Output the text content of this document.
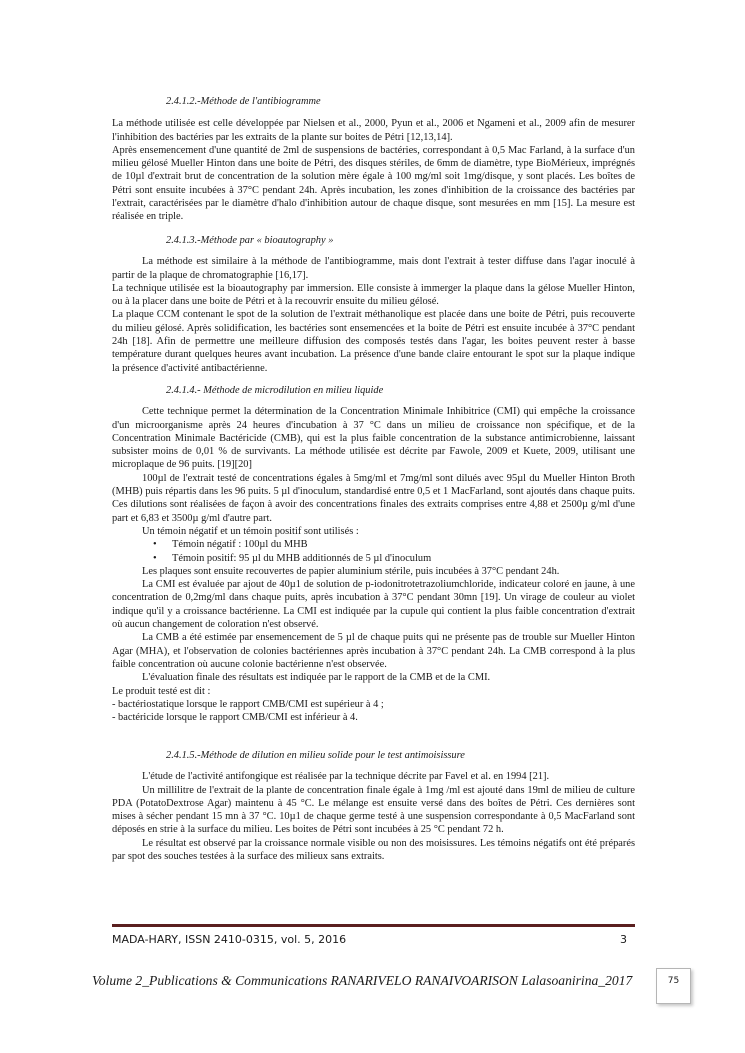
2.4.1.2.-Méthode de l'antibiogramme

La méthode utilisée est celle développée par Nielsen et al., 2000, Pyun et al., 2006 et Ngameni et al., 2009 afin de mesurer l'inhibition des bactéries par les extraits de la plante sur boites de Pétri [12,13,14].

Après ensemencement d'une quantité de 2ml de suspensions de bactéries, correspondant à 0,5 Mac Farland, à la surface d'un milieu gélosé Mueller Hinton dans une boite de Pétri, des disques stériles, de 6mm de diamètre, type BioMérieux, imprégnés de 10µl d'extrait brut de concentration de la solution mère égale à 100 mg/ml soit 1mg/disque, y sont placés. Les boîtes de Pétri sont ensuite incubées à 37°C pendant 24h. Après incubation, les zones d'inhibition de la croissance des bactéries par l'extrait, caractérisées par le diamètre d'halo d'inhibition autour de chaque disque, sont mesurées en mm [15]. La mesure est réalisée en triple.

2.4.1.3.-Méthode par « bioautography »

La méthode est similaire à la méthode de l'antibiogramme, mais dont l'extrait à tester diffuse dans l'agar inoculé à partir de la plaque de chromatographie [16,17].

La technique utilisée est la bioautography par immersion. Elle consiste à immerger la plaque dans la gélose Mueller Hinton, ou à la placer dans une boite de Pétri et à la recouvrir ensuite du milieu gélosé.

La plaque CCM contenant le spot de la solution de l'extrait méthanolique est placée dans une boite de Pétri, puis recouverte du milieu gélosé. Après solidification, les bactéries sont ensemencées et la boite de Pétri est ensuite incubée à 37°C pendant 24h [18]. Afin de permettre une meilleure diffusion des composés testés dans l'agar, les boites peuvent rester à basse température durant quelques heures avant incubation. La présence d'une bande claire entourant le spot sur la plaque indique la présence d'activité antibactérienne.

2.4.1.4.- Méthode de microdilution en milieu liquide

Cette technique permet la détermination de la Concentration Minimale Inhibitrice (CMI) qui empêche la croissance d'un microorganisme après 24 heures d'incubation à 37 °C dans un milieu de croissance non spécifique, et de la Concentration Minimale Bactéricide (CMB), qui est la plus faible concentration de la substance antimicrobienne, laissant subsister moins de 0,01 % de survivants. La méthode utilisée est décrite par Fawole, 2009 et Kuete, 2009, utilisant une microplaque de 96 puits. [19][20]

100µl de l'extrait testé de concentrations égales à 5mg/ml et 7mg/ml sont dilués avec 95µl du Mueller Hinton Broth (MHB) puis répartis dans les 96 puits. 5 µl d'inoculum, standardisé entre 0,5 et 1 MacFarland, sont ajoutés dans chaque puits. Ces dilutions sont réalisées de façon à avoir des concentrations finales des extraits comprises entre 4,88 et 2500µ g/ml d'une part et 6,83 et 3500µ g/ml d'autre part.

Un témoin négatif et un témoin positif sont utilisés :

• Témoin négatif : 100µl du MHB

• Témoin positif: 95 µl du MHB additionnés de 5 µl d'inoculum

Les plaques sont ensuite recouvertes de papier aluminium stérile, puis incubées à 37°C pendant 24h.

La CMI est évaluée par ajout de 40µ1 de solution de p-iodonitrotetrazoliumchloride, indicateur coloré en jaune, à une concentration de 0,2mg/ml dans chaque puits, après incubation à 37°C pendant 30mn [19]. Un virage de couleur au violet indique qu'il y a croissance bactérienne. La CMI est indiquée par la cupule qui contient la plus faible concentration d'extrait où aucun changement de coloration n'est observé.

La CMB a été estimée par ensemencement de 5 µl de chaque puits qui ne présente pas de trouble sur Mueller Hinton Agar (MHA), et l'observation de colonies bactériennes après incubation à 37°C pendant 24h. La CMB correspond à la plus faible concentration où aucune colonie bactérienne n'est observée.

L'évaluation finale des résultats est indiquée par le rapport de la CMB et de la CMI.

Le produit testé est dit :

- bactériostatique lorsque le rapport CMB/CMI est supérieur à 4 ;

- bactéricide lorsque le rapport CMB/CMI est inférieur à 4.

2.4.1.5.-Méthode de dilution en milieu solide pour le test antimoisissure

L'étude de l'activité antifongique est réalisée par la technique décrite par Favel et al. en 1994 [21].

Un millilitre de l'extrait de la plante de concentration finale égale à 1mg /ml est ajouté dans 19ml de milieu de culture PDA (PotatoDextrose Agar) maintenu à 45 °C. Le mélange est ensuite versé dans des boîtes de Pétri. Ces dernières sont mises à sécher pendant 15 mn à 37 °C. 10µ1 de chaque germe testé à une suspension correspondante à 0,5 MacFarland sont déposés en strie à la surface du milieu. Les boites de Pétri sont incubées à 25 °C pendant 72 h.

Le résultat est observé par la croissance normale visible ou non des moisissures. Les témoins négatifs ont été préparés par spot des souches testées à la surface des milieux sans extraits.

MADA-HARY, ISSN 2410-0315, vol. 5, 2016	3
Volume 2_Publications & Communications RANARIVELO RANAIVOARISON Lalasoanirina_2017	75
